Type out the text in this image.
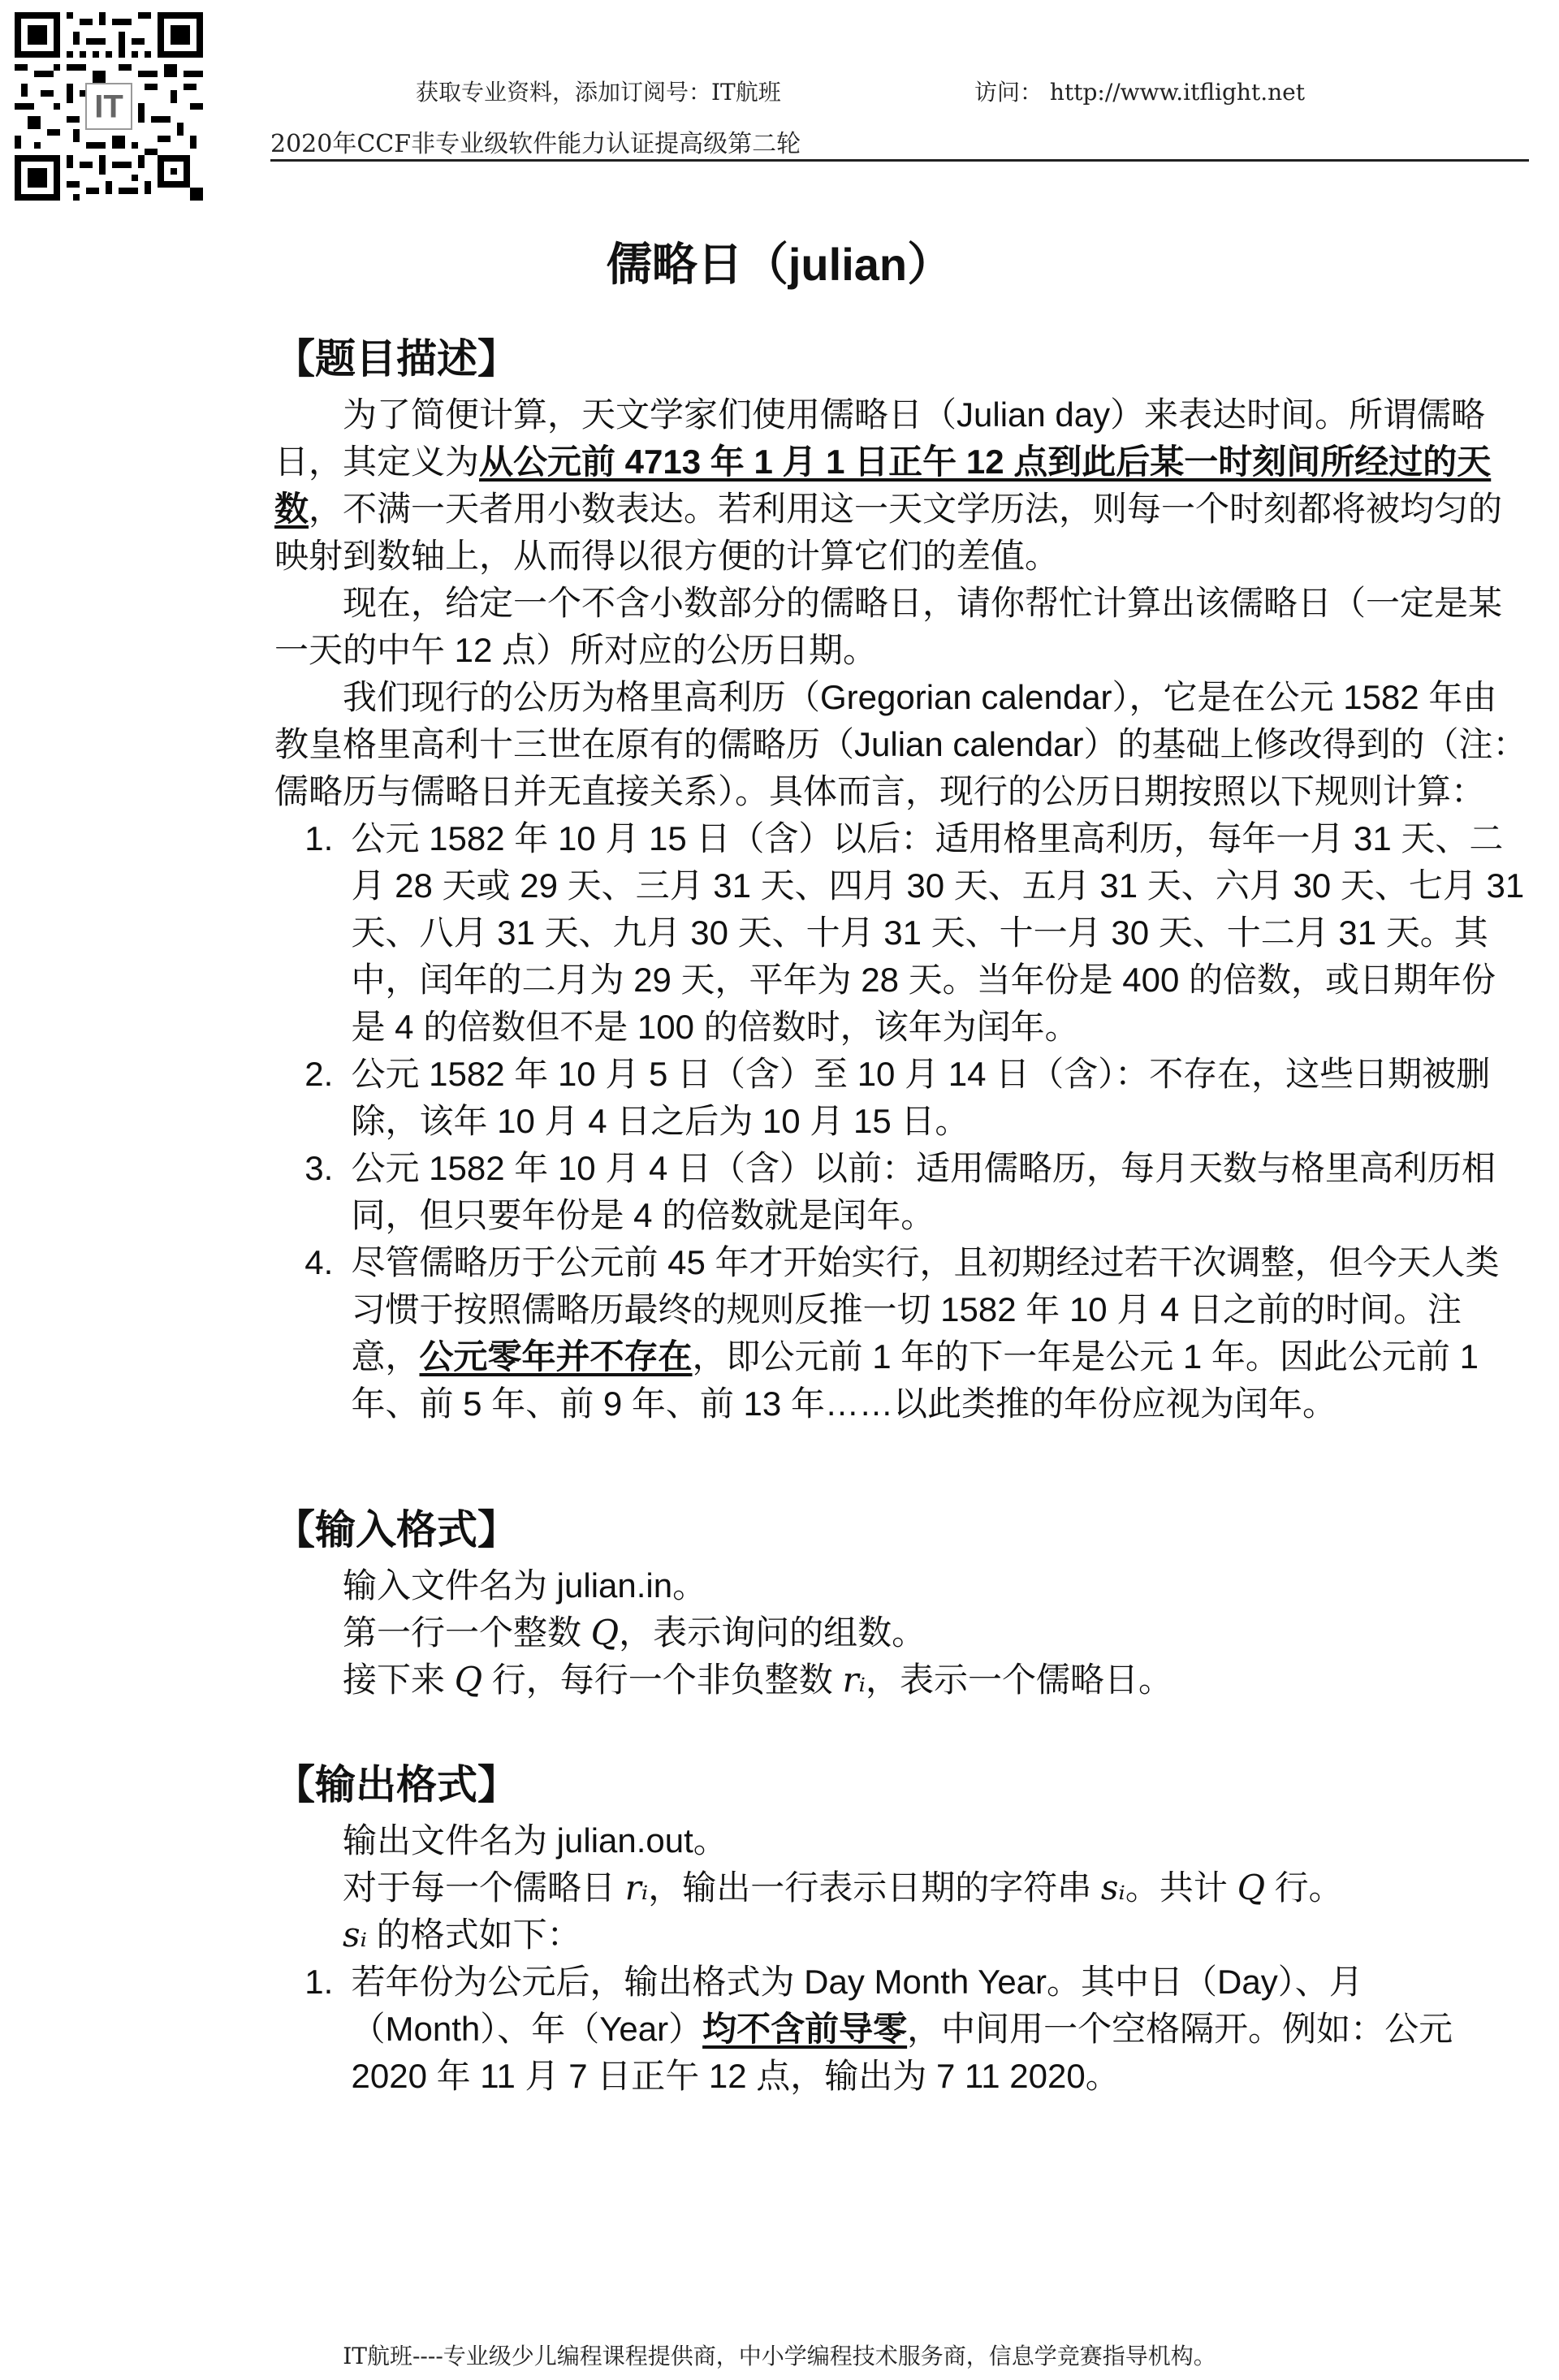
IT	获取专业资料，添加订阅号：IT航班	访问： http://www.itflight.net
2020年CCF非专业级软件能力认证提高级第二轮
儒略日（julian）
【题目描述】

为了简便计算，天文学家们使用儒略日（Julian day）来表达时间。所谓儒略日，其定义为从公元前 4713 年 1 月 1 日正午 12 点到此后某一时刻间所经过的天数，不满一天者用小数表达。若利用这一天文学历法，则每一个时刻都将被均匀的映射到数轴上，从而得以很方便的计算它们的差值。

现在，给定一个不含小数部分的儒略日，请你帮忙计算出该儒略日（一定是某一天的中午 12 点）所对应的公历日期。

我们现行的公历为格里高利历（Gregorian calendar），它是在公元 1582 年由教皇格里高利十三世在原有的儒略历（Julian calendar）的基础上修改得到的（注：儒略历与儒略日并无直接关系）。具体而言，现行的公历日期按照以下规则计算：

1. 公元 1582 年 10 月 15 日（含）以后：适用格里高利历，每年一月 31 天、二月 28 天或 29 天、三月 31 天、四月 30 天、五月 31 天、六月 30 天、七月 31 天、八月 31 天、九月 30 天、十月 31 天、十一月 30 天、十二月 31 天。其中，闰年的二月为 29 天，平年为 28 天。当年份是 400 的倍数，或日期年份是 4 的倍数但不是 100 的倍数时，该年为闰年。
2. 公元 1582 年 10 月 5 日（含）至 10 月 14 日（含）：不存在，这些日期被删除，该年 10 月 4 日之后为 10 月 15 日。
3. 公元 1582 年 10 月 4 日（含）以前：适用儒略历，每月天数与格里高利历相同，但只要年份是 4 的倍数就是闰年。
4. 尽管儒略历于公元前 45 年才开始实行，且初期经过若干次调整，但今天人类习惯于按照儒略历最终的规则反推一切 1582 年 10 月 4 日之前的时间。注意，公元零年并不存在，即公元前 1 年的下一年是公元 1 年。因此公元前 1 年、前 5 年、前 9 年、前 13 年……以此类推的年份应视为闰年。
【输入格式】

输入文件名为 julian.in。

第一行一个整数 Q，表示询问的组数。

接下来 Q 行，每行一个非负整数 rᵢ，表示一个儒略日。

【输出格式】

输出文件名为 julian.out。

对于每一个儒略日 rᵢ，输出一行表示日期的字符串 sᵢ。共计 Q 行。

sᵢ 的格式如下：

1. 若年份为公元后，输出格式为 Day Month Year。其中日（Day）、月（Month）、年（Year）均不含前导零，中间用一个空格隔开。例如：公元 2020 年 11 月 7 日正午 12 点，输出为 7 11 2020。
IT航班----专业级少儿编程课程提供商，中小学编程技术服务商，信息学竞赛指导机构。
